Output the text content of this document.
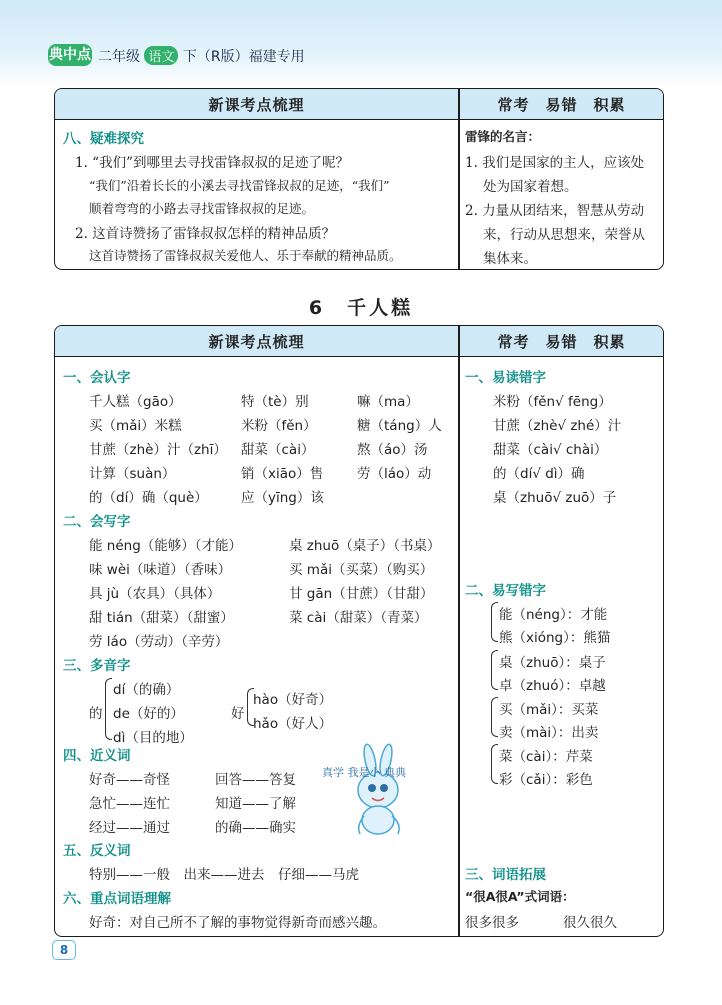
典中点 二年级 语文 下（R版）福建专用
新课考点梳理	常考　易错　积累
八、疑难探究
1. “我们”到哪里去寻找雷锋叔叔的足迹了呢？
“我们”沿着长长的小溪去寻找雷锋叔叔的足迹，“我们”
顺着弯弯的小路去寻找雷锋叔叔的足迹。
2. 这首诗赞扬了雷锋叔叔怎样的精神品质？
这首诗赞扬了雷锋叔叔关爱他人、乐于奉献的精神品质。
雷锋的名言：
1. 我们是国家的主人，应该处
处为国家着想。
2. 力量从团结来，智慧从劳动
来，行动从思想来，荣誉从
集体来。
6　千人糕
新课考点梳理	常考　易错　积累
一、会认字
千人糕（gāo）	特（tè）别	嘛（ma）
买（mǎi）米糕	米粉（fěn）	糖（táng）人
甘蔗（zhè）汁（zhī） 甜菜（cài）	熬（áo）汤
计算（suàn）	销（xiāo）售 劳（láo）动
的（dí）确（què） 应（yīng）该
二、会写字
能 néng（能够）（才能）	桌 zhuō（桌子）（书桌）
味 wèi（味道）（香味）	买 mǎi（买菜）（购买）
具 jù（农具）（具体）	甘 gān（甘蔗）（甘甜）
甜 tián（甜菜）（甜蜜）	菜 cài（甜菜）（青菜）
劳 láo（劳动）（辛劳）
三、多音字
的
dí（的确）
de（好的）
dì（目的地）
好
hào（好奇）
hǎo（好人）
四、近义词
好奇——奇怪	回答——答复
急忙——连忙	知道——了解
经过——通过	的确——确实
五、反义词
特别——一般　出来——进去　仔细——马虎
六、重点词语理解
好奇：对自己所不了解的事物觉得新奇而感兴趣。
一、易读错字
米粉（fěn√ fēng）
甘蔗（zhè√ zhé）汁
甜菜（cài√ chài）
的（dí√ dì）确
桌（zhuō√ zuō）子
二、易写错字
能（néng）：才能
熊（xióng）：熊猫
桌（zhuō）：桌子
卓（zhuó）：卓越
买（mǎi）：买菜
卖（mài）：出卖
菜（cài）：芹菜
彩（cǎi）：彩色
三、词语拓展
“很A很A”式词语：
很多很多	很久很久
真学 我是小 典典
8
